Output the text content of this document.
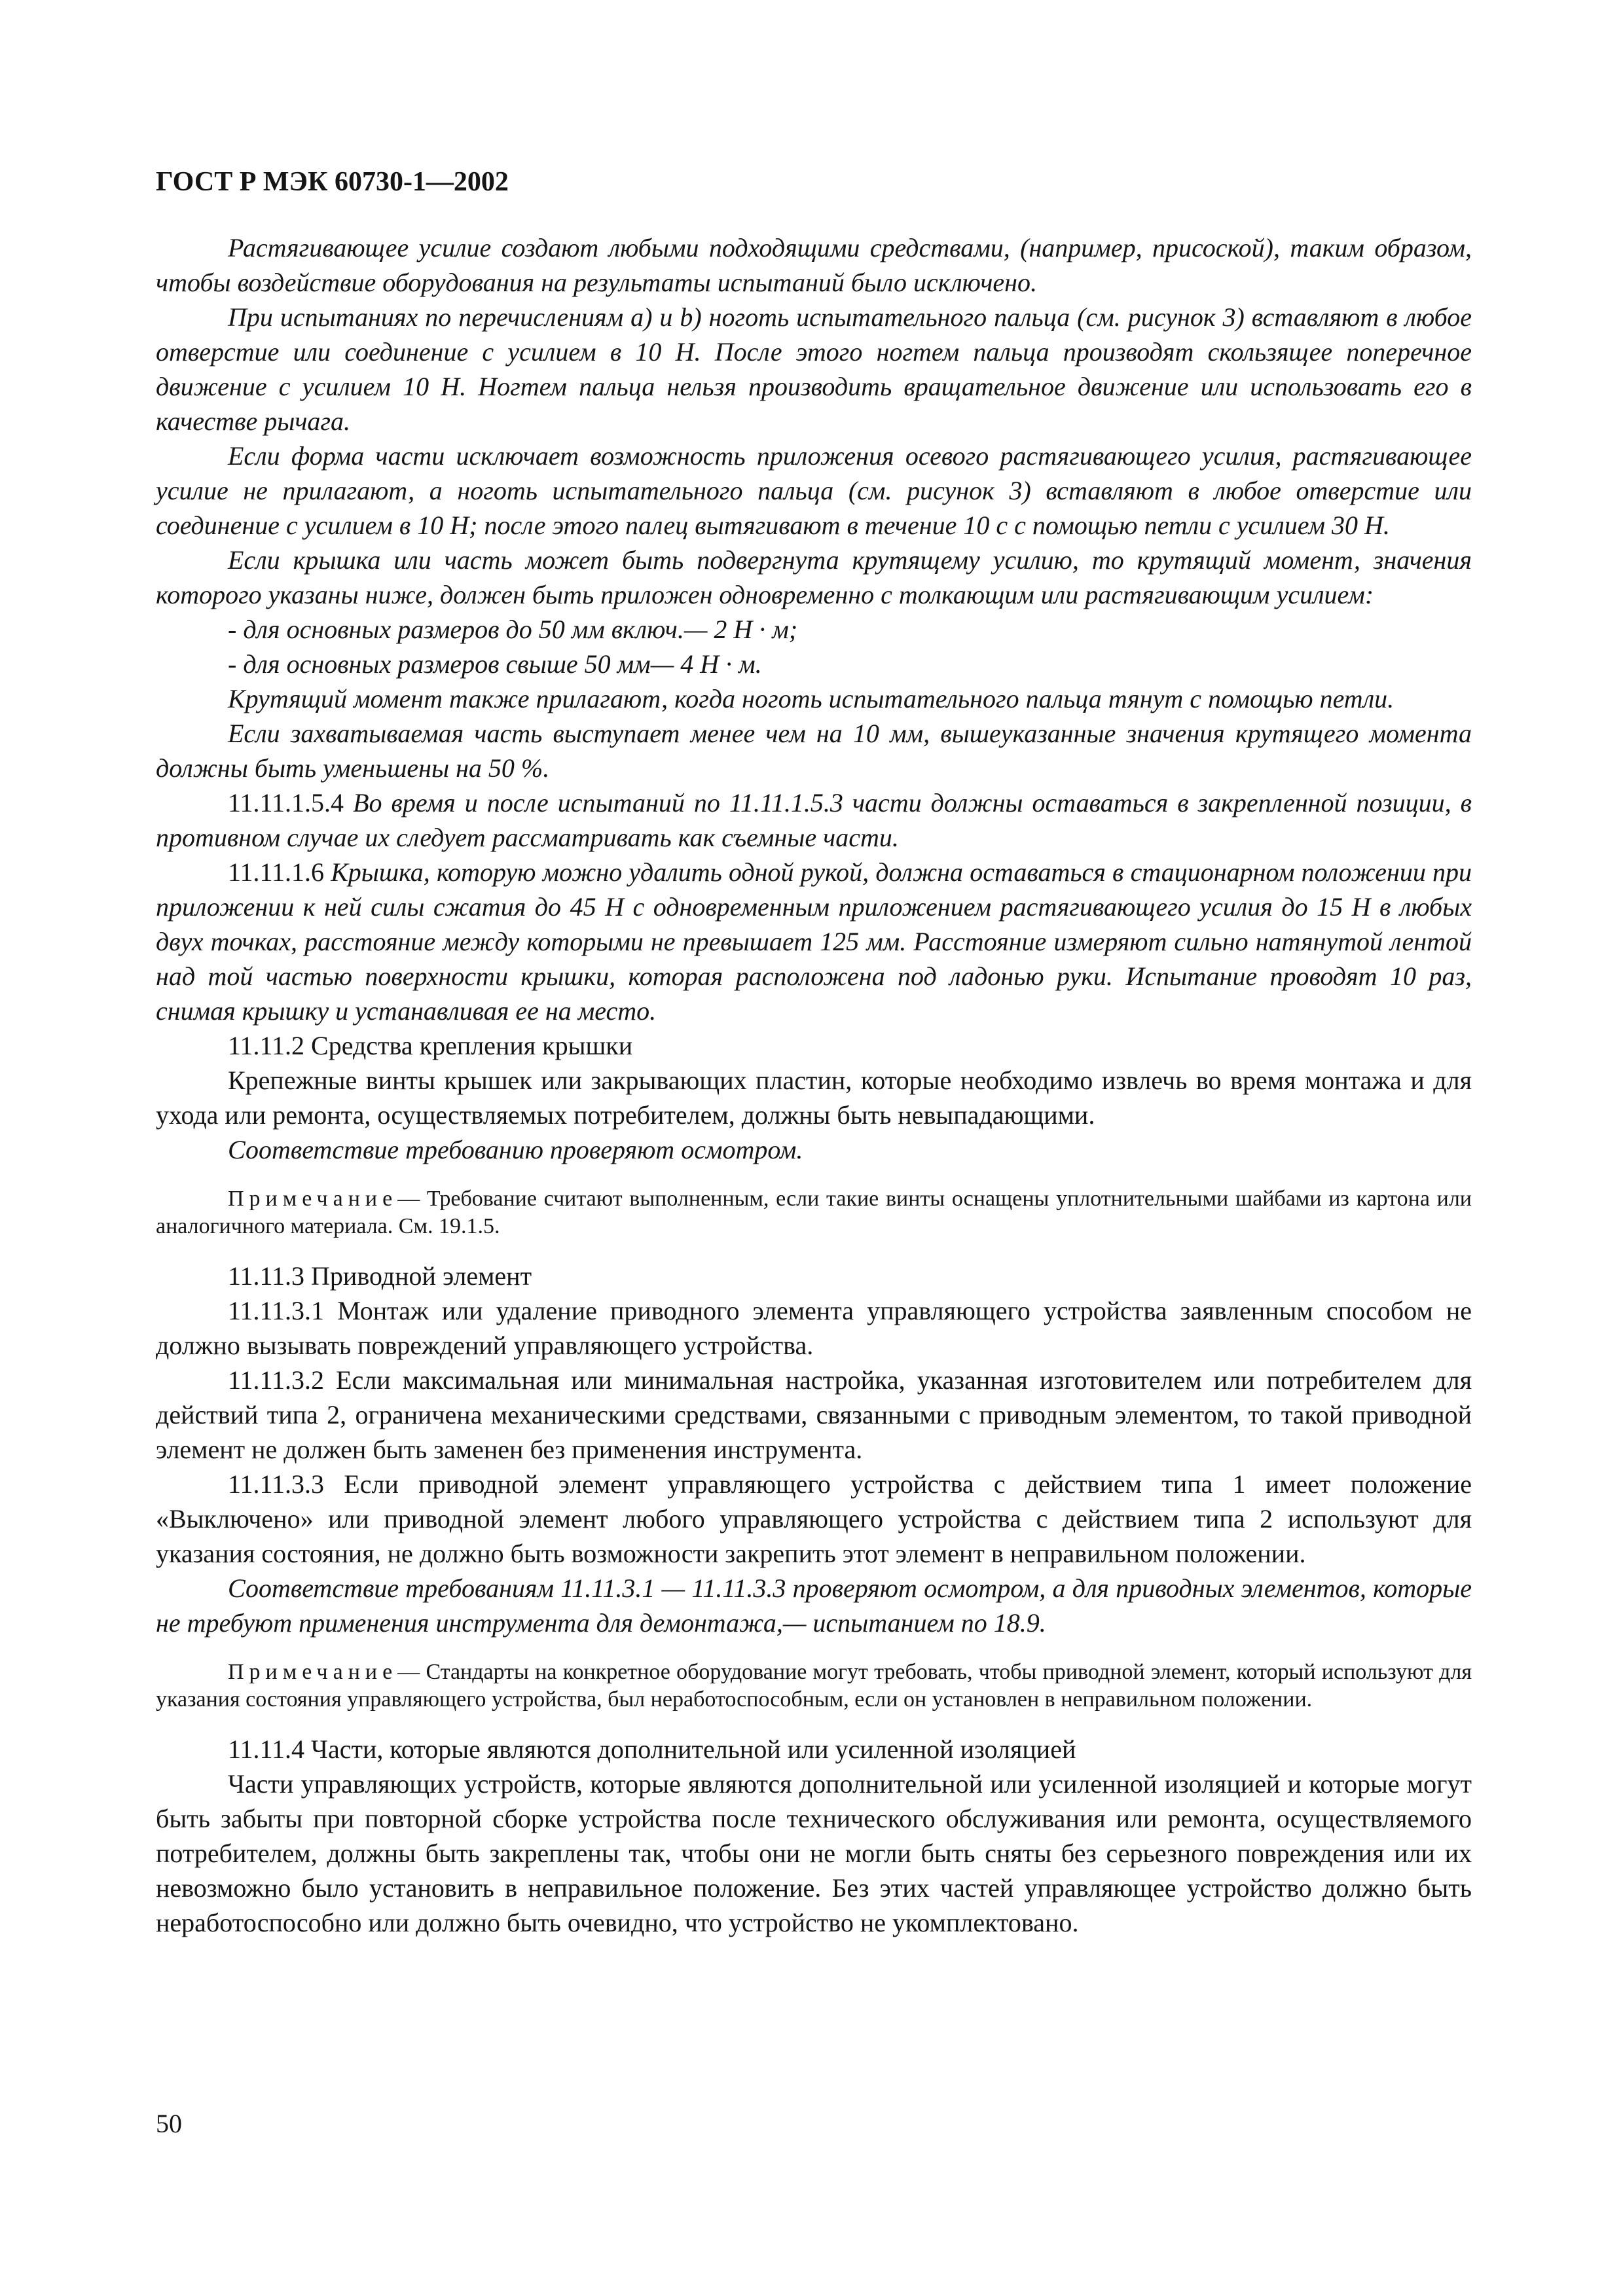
ГОСТ Р МЭК 60730-1—2002

Растягивающее усилие создают любыми подходящими средствами, (например, присоской), таким образом, чтобы воздействие оборудования на результаты испытаний было исключено.

При испытаниях по перечислениям a) и b) ноготь испытательного пальца (см. рисунок 3) вставляют в любое отверстие или соединение с усилием в 10 Н. После этого ногтем пальца производят скользящее поперечное движение с усилием 10 Н. Ногтем пальца нельзя производить вращательное движение или использовать его в качестве рычага.

Если форма части исключает возможность приложения осевого растягивающего усилия, растягивающее усилие не прилагают, а ноготь испытательного пальца (см. рисунок 3) вставляют в любое отверстие или соединение с усилием в 10 Н; после этого палец вытягивают в течение 10 с с помощью петли с усилием 30 Н.

Если крышка или часть может быть подвергнута крутящему усилию, то крутящий момент, значения которого указаны ниже, должен быть приложен одновременно с толкающим или растягивающим усилием:

- для основных размеров до 50 мм включ.— 2 Н · м;

- для основных размеров свыше 50 мм— 4 Н · м.

Крутящий момент также прилагают, когда ноготь испытательного пальца тянут с помощью петли.

Если захватываемая часть выступает менее чем на 10 мм, вышеуказанные значения крутящего момента должны быть уменьшены на 50 %.

11.11.1.5.4 Во время и после испытаний по 11.11.1.5.3 части должны оставаться в закрепленной позиции, в противном случае их следует рассматривать как съемные части.

11.11.1.6 Крышка, которую можно удалить одной рукой, должна оставаться в стационарном положении при приложении к ней силы сжатия до 45 Н с одновременным приложением растягивающего усилия до 15 Н в любых двух точках, расстояние между которыми не превышает 125 мм. Расстояние измеряют сильно натянутой лентой над той частью поверхности крышки, которая расположена под ладонью руки. Испытание проводят 10 раз, снимая крышку и устанавливая ее на место.

11.11.2 Средства крепления крышки

Крепежные винты крышек или закрывающих пластин, которые необходимо извлечь во время монтажа и для ухода или ремонта, осуществляемых потребителем, должны быть невыпадающими.

Соответствие требованию проверяют осмотром.

Примечание— Требование считают выполненным, если такие винты оснащены уплотнительными шайбами из картона или аналогичного материала. См. 19.1.5.

11.11.3 Приводной элемент

11.11.3.1 Монтаж или удаление приводного элемента управляющего устройства заявленным способом не должно вызывать повреждений управляющего устройства.

11.11.3.2 Если максимальная или минимальная настройка, указанная изготовителем или потребителем для действий типа 2, ограничена механическими средствами, связанными с приводным элементом, то такой приводной элемент не должен быть заменен без применения инструмента.

11.11.3.3 Если приводной элемент управляющего устройства с действием типа 1 имеет положение «Выключено» или приводной элемент любого управляющего устройства с действием типа 2 используют для указания состояния, не должно быть возможности закрепить этот элемент в неправильном положении.

Соответствие требованиям 11.11.3.1 — 11.11.3.3 проверяют осмотром, а для приводных элементов, которые не требуют применения инструмента для демонтажа,— испытанием по 18.9.

Примечание— Стандарты на конкретное оборудование могут требовать, чтобы приводной элемент, который используют для указания состояния управляющего устройства, был неработоспособным, если он установлен в неправильном положении.

11.11.4 Части, которые являются дополнительной или усиленной изоляцией

Части управляющих устройств, которые являются дополнительной или усиленной изоляцией и которые могут быть забыты при повторной сборке устройства после технического обслуживания или ремонта, осуществляемого потребителем, должны быть закреплены так, чтобы они не могли быть сняты без серьезного повреждения или их невозможно было установить в неправильное положение. Без этих частей управляющее устройство должно быть неработоспособно или должно быть очевидно, что устройство не укомплектовано.

50
